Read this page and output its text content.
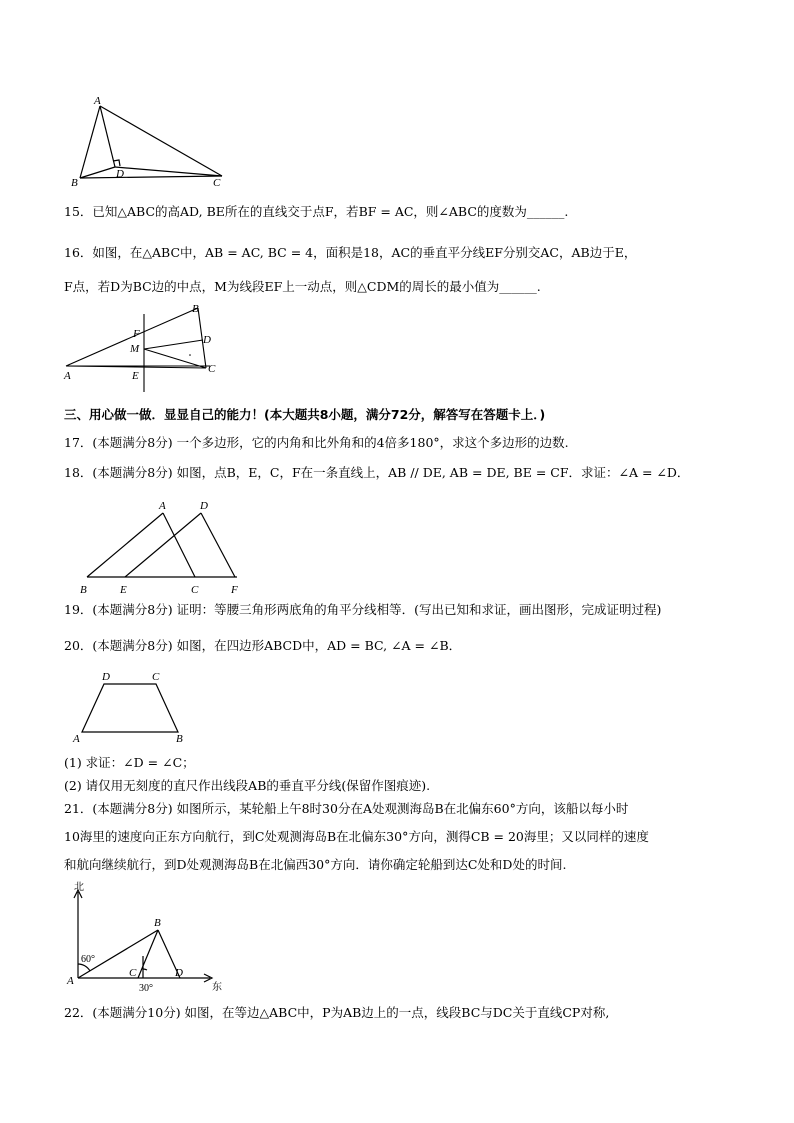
A
B	C
D
15．已知△ABC的高AD, BE所在的直线交于点F，若BF = AC，则∠ABC的度数为______.
16．如图，在△ABC中，AB = AC, BC = 4，面积是18，AC的垂直平分线EF分别交AC，AB边于E，
F点，若D为BC边的中点，M为线段EF上一动点，则△CDM的周长的最小值为______.
B
F
M
D
C
A	E
三、用心做一做．显显自己的能力！(本大题共8小题，满分72分，解答写在答题卡上．)
17．(本题满分8分) 一个多边形，它的内角和比外角和的4倍多180°，求这个多边形的边数.
18．(本题满分8分) 如图，点B，E，C，F在一条直线上，AB // DE, AB = DE, BE = CF．求证：∠A = ∠D．
A	D
B	E	C	F
19．(本题满分8分) 证明：等腰三角形两底角的角平分线相等．(写出已知和求证，画出图形，完成证明过程)
20．(本题满分8分) 如图，在四边形ABCD中，AD = BC, ∠A = ∠B．
D	C
A	B
(1) 求证：∠D = ∠C；
(2) 请仅用无刻度的直尺作出线段AB的垂直平分线(保留作图痕迹).
21．(本题满分8分) 如图所示，某轮船上午8时30分在A处观测海岛B在北偏东60°方向，该船以每小时
10海里的速度向正东方向航行，到C处观测海岛B在北偏东30°方向，测得CB = 20海里；又以同样的速度
和航向继续航行，到D处观测海岛B在北偏西30°方向．请你确定轮船到达C处和D处的时间.
北
东
60°
30°
A
B
C	D
22．(本题满分10分) 如图，在等边△ABC中，P为AB边上的一点，线段BC与DC关于直线CP对称,
